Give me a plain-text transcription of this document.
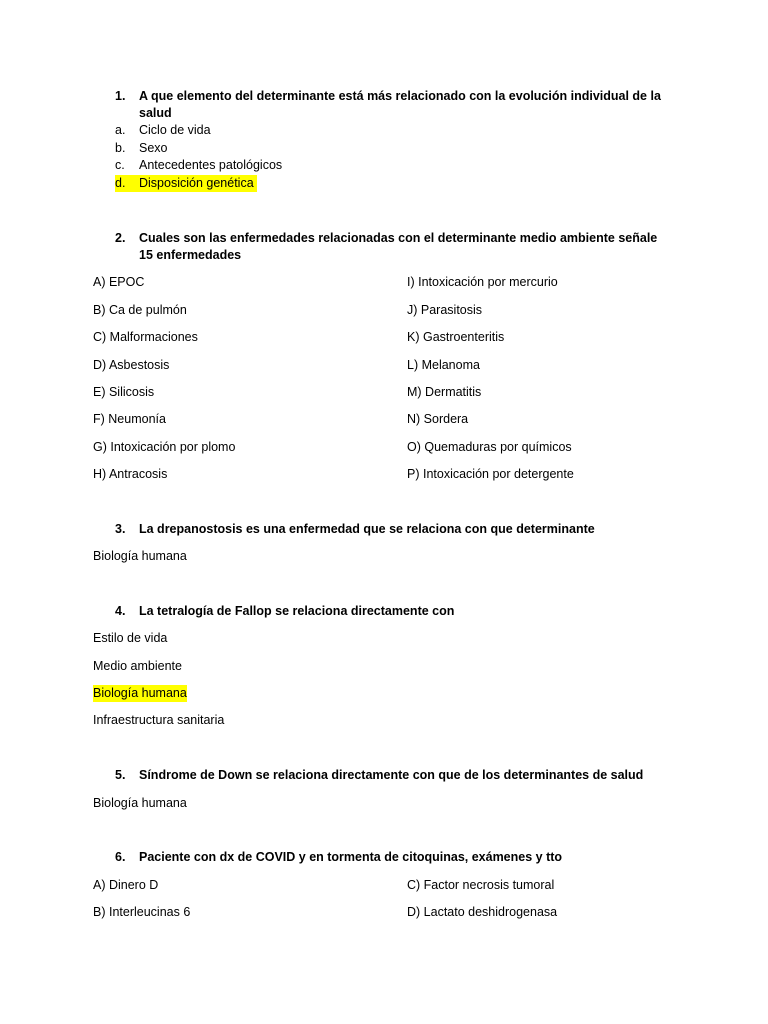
1. A que elemento del determinante está más relacionado con la evolución individual de la salud
a. Ciclo de vida
b. Sexo
c. Antecedentes patológicos
d. Disposición genética
2. Cuales son las enfermedades relacionadas con el determinante medio ambiente señale 15 enfermedades
A) EPOC
B) Ca de pulmón
C) Malformaciones
D) Asbestosis
E) Silicosis
F) Neumonía
G) Intoxicación por plomo
H) Antracosis
I) Intoxicación por mercurio
J) Parasitosis
K) Gastroenteritis
L) Melanoma
M) Dermatitis
N) Sordera
O) Quemaduras por químicos
P) Intoxicación por detergente
3. La drepanostosis es una enfermedad que se relaciona con que determinante
Biología humana
4. La tetralogía de Fallop se relaciona directamente con
Estilo de vida
Medio ambiente
Biología humana
Infraestructura sanitaria
5. Síndrome de Down se relaciona directamente con que de los determinantes de salud
Biología humana
6. Paciente con dx de COVID y en tormenta de citoquinas, exámenes y tto
A) Dinero D
B) Interleucinas 6
C) Factor necrosis tumoral
D) Lactato deshidrogenasa
